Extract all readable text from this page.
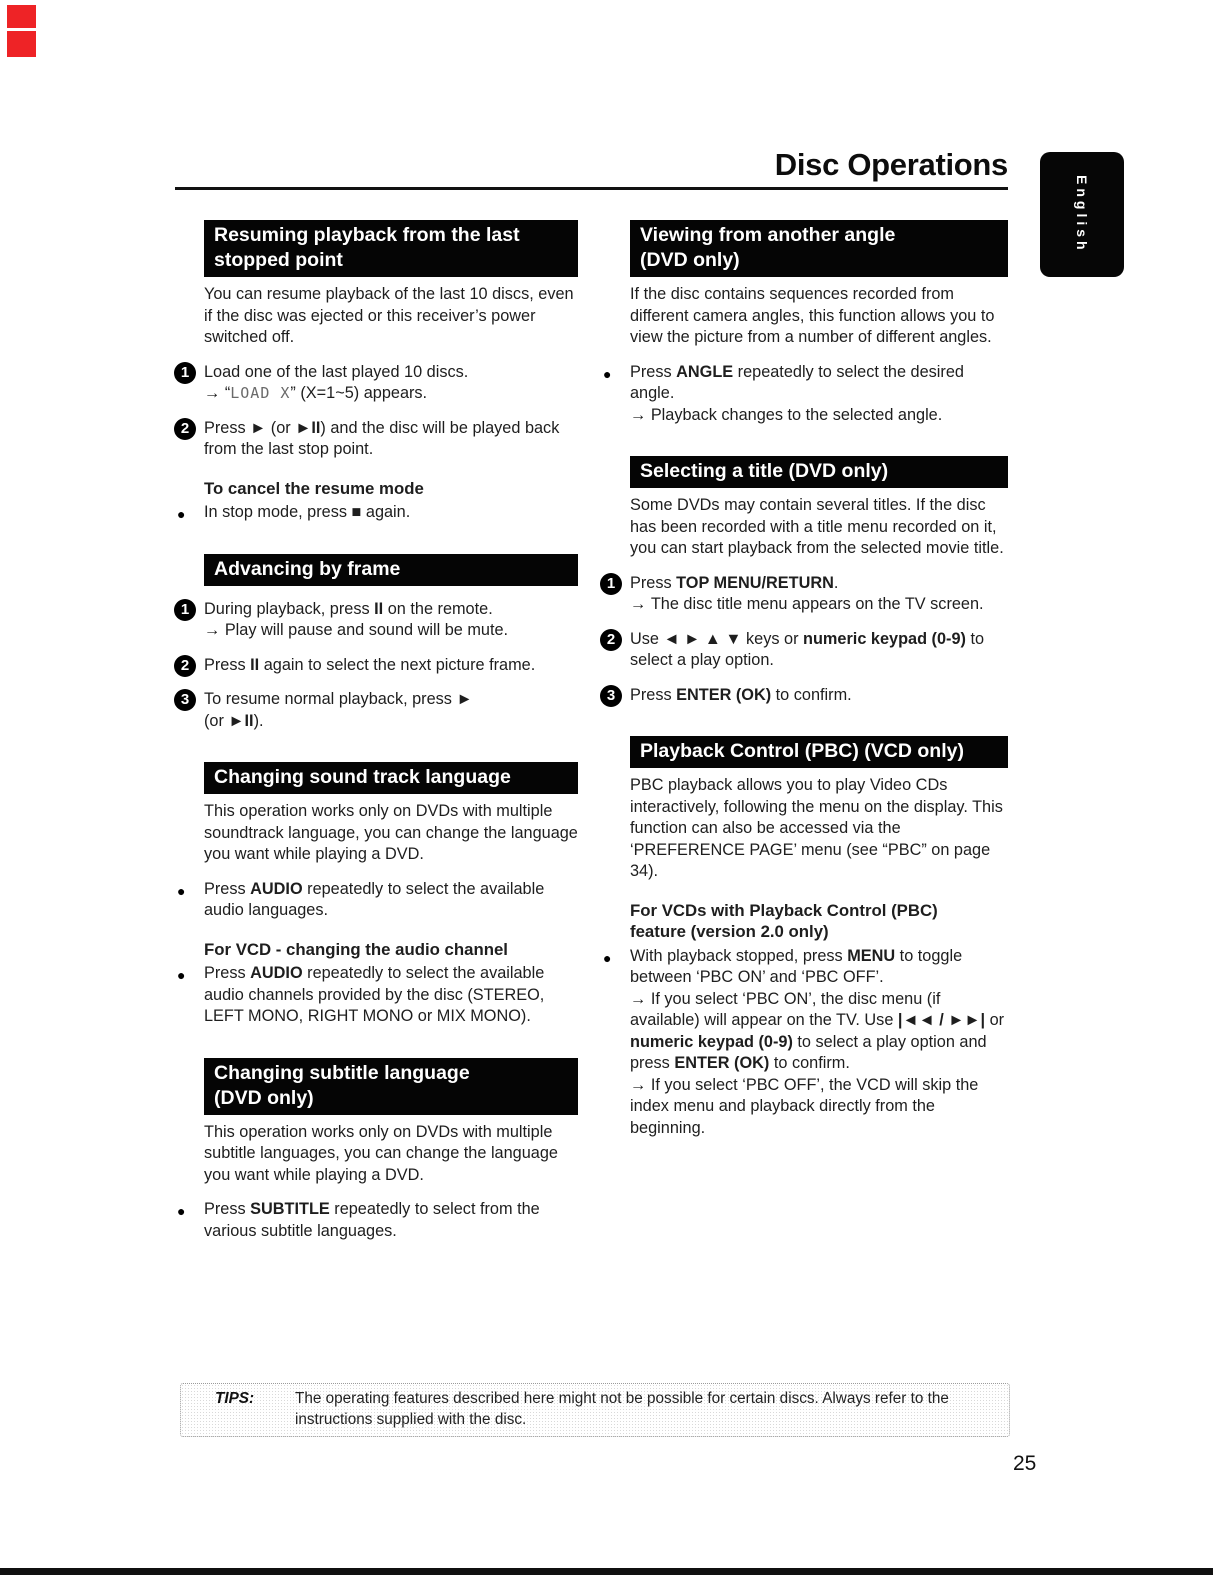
English
Disc Operations
Resuming playback from the last
stopped point
You can resume playback of the last 10 discs, even if the disc was ejected or this receiver’s power switched off.
1 Load one of the last played 10 discs.
→ “LOAD X” (X=1~5) appears.
2 Press ► (or ►II) and the disc will be played back from the last stop point.
To cancel the resume mode
● In stop mode, press ■ again.
Advancing by frame
1 During playback, press II on the remote.
→ Play will pause and sound will be mute.
2 Press II again to select the next picture frame.
3 To resume normal playback, press ►
(or ►II).
Changing sound track language
This operation works only on DVDs with multiple soundtrack language, you can change the language you want while playing a DVD.
● Press AUDIO repeatedly to select the available audio languages.
For VCD - changing the audio channel
● Press AUDIO repeatedly to select the available audio channels provided by the disc (STEREO, LEFT MONO, RIGHT MONO or MIX MONO).
Changing subtitle language
(DVD only)
This operation works only on DVDs with multiple subtitle languages, you can change the language you want while playing a DVD.
● Press SUBTITLE repeatedly to select from the various subtitle languages.
Viewing from another angle
(DVD only)
If the disc contains sequences recorded from different camera angles, this function allows you to view the picture from a number of different angles.
● Press ANGLE repeatedly to select the desired angle.
→ Playback changes to the selected angle.
Selecting a title (DVD only)
Some DVDs may contain several titles. If the disc has been recorded with a title menu recorded on it, you can start playback from the selected movie title.
1 Press TOP MENU/RETURN.
→ The disc title menu appears on the TV screen.
2 Use ◄ ► ▲ ▼ keys or numeric keypad (0-9) to select a play option.
3 Press ENTER (OK) to confirm.
Playback Control (PBC) (VCD only)
PBC playback allows you to play Video CDs interactively, following the menu on the display. This function can also be accessed via the ‘PREFERENCE PAGE’ menu (see “PBC” on page 34).
For VCDs with Playback Control (PBC)
feature (version 2.0 only)
● With playback stopped, press MENU to toggle between ‘PBC ON’ and ‘PBC OFF’.
→ If you select ‘PBC ON’, the disc menu (if available) will appear on the TV. Use |◄◄ / ►►| or numeric keypad (0-9) to select a play option and press ENTER (OK) to confirm.
→ If you select ‘PBC OFF’, the VCD will skip the index menu and playback directly from the beginning.
TIPS:	The operating features described here might not be possible for certain discs. Always refer to the
instructions supplied with the disc.
25
